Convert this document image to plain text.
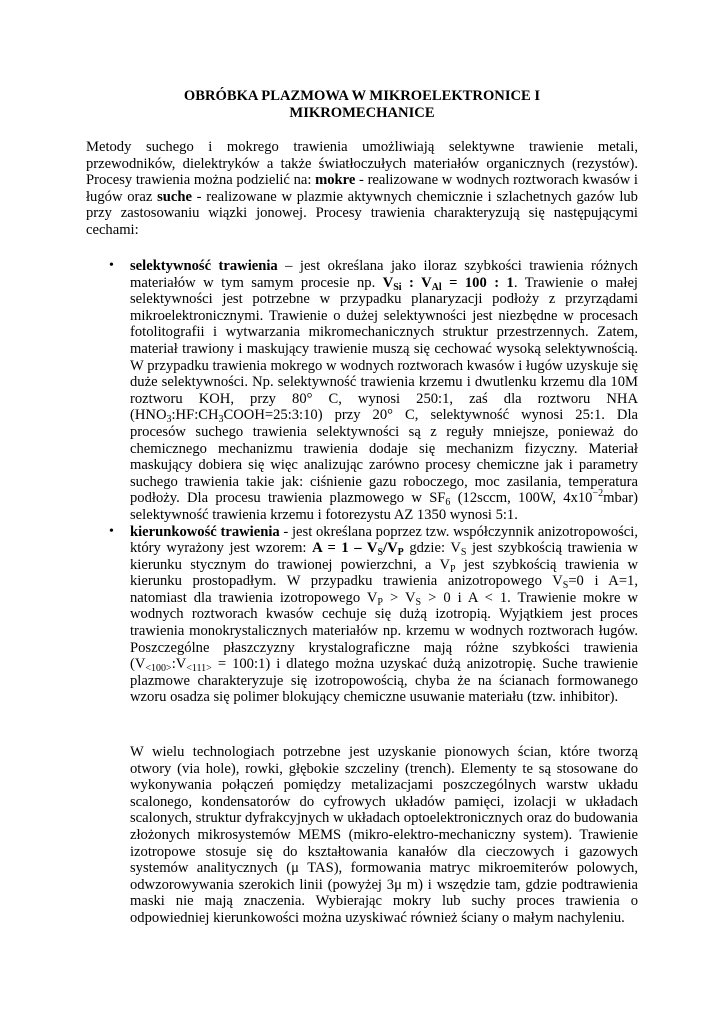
OBRÓBKA PLAZMOWA W MIKROELEKTRONICE I
MIKROMECHANICE

Metody suchego i mokrego trawienia umożliwiają selektywne trawienie metali, przewodników, dielektryków a także światłoczułych materiałów organicznych (rezystów). Procesy trawienia można podzielić na: mokre - realizowane w wodnych roztworach kwasów i ługów oraz suche - realizowane w plazmie aktywnych chemicznie i szlachetnych gazów lub przy zastosowaniu wiązki jonowej. Procesy trawienia charakteryzują się następującymi cechami:

• selektywność trawienia – jest określana jako iloraz szybkości trawienia różnych materiałów w tym samym procesie np. $V_{Si}$ : $V_{Al} = 100$ : 1. Trawienie o małej selektywności jest potrzebne w przypadku planaryzacji podłoży z przyrządami mikroelektronicznymi. Trawienie o dużej selektywności jest niezbędne w procesach fotolitografii i wytwarzania mikromechanicznych struktur przestrzennych. Zatem, materiał trawiony i maskujący trawienie muszą się cechować wysoką selektywnością. W przypadku trawienia mokrego w wodnych roztworach kwasów i ługów uzyskuje się duże selektywności. Np. selektywność trawienia krzemu i dwutlenku krzemu dla 10M roztworu KOH, przy 80° C, wynosi 250:1, zaś dla roztworu NHA $(HNO_3:HF:CH_3COOH=25:3:10)$ przy 20° C, selektywność wynosi 25:1. Dla procesów suchego trawienia selektywności są z reguły mniejsze, ponieważ do chemicznego mechanizmu trawienia dodaje się mechanizm fizyczny. Materiał maskujący dobiera się więc analizując zarówno procesy chemiczne jak i parametry suchego trawienia takie jak: ciśnienie gazu roboczego, moc zasilania, temperatura podłoży. Dla procesu trawienia plazmowego w $SF_6$ (12sccm, 100W, $4x10^{-2}mbar$) selektywność trawienia krzemu i fotorezystu AZ 1350 wynosi 5:1.
• kierunkowość trawienia - jest określana poprzez tzw. współczynnik anizotropowości, który wyrażony jest wzorem: $A = 1 - V_S/V_P$ gdzie: $V_S$ jest szybkością trawienia w kierunku stycznym do trawionej powierzchni, a $V_P$ jest szybkością trawienia w kierunku prostopadłym. W przypadku trawienia anizotropowego $V_S=0$ i A=1, natomiast dla trawienia izotropowego $V_P > V_S > 0$ i A < 1. Trawienie mokre w wodnych roztworach kwasów cechuje się dużą izotropią. Wyjątkiem jest proces trawienia monokrystalicznych materiałów np. krzemu w wodnych roztworach ługów. Poszczególne płaszczyzny krystalograficzne mają różne szybkości trawienia ($V_{<100>}:V_{<111>}$ = 100:1) i dlatego można uzyskać dużą anizotropię. Suche trawienie plazmowe charakteryzuje się izotropowością, chyba że na ścianach formowanego wzoru osadza się polimer blokujący chemiczne usuwanie materiału (tzw. inhibitor).

W wielu technologiach potrzebne jest uzyskanie pionowych ścian, które tworzą otwory (via hole), rowki, głębokie szczeliny (trench). Elementy te są stosowane do wykonywania połączeń pomiędzy metalizacjami poszczególnych warstw układu scalonego, kondensatorów do cyfrowych układów pamięci, izolacji w układach scalonych, struktur dyfrakcyjnych w układach optoelektronicznych oraz do budowania złożonych mikrosystemów MEMS (mikro-elektro-mechaniczny system). Trawienie izotropowe stosuje się do kształtowania kanałów dla cieczowych i gazowych systemów analitycznych (μ TAS), formowania matryc mikroemiterów polowych, odwzorowywania szerokich linii (powyżej 3μ m) i wszędzie tam, gdzie podtrawienia maski nie mają znaczenia. Wybierając mokry lub suchy proces trawienia o odpowiedniej kierunkowości można uzyskiwać również ściany o małym nachyleniu.
